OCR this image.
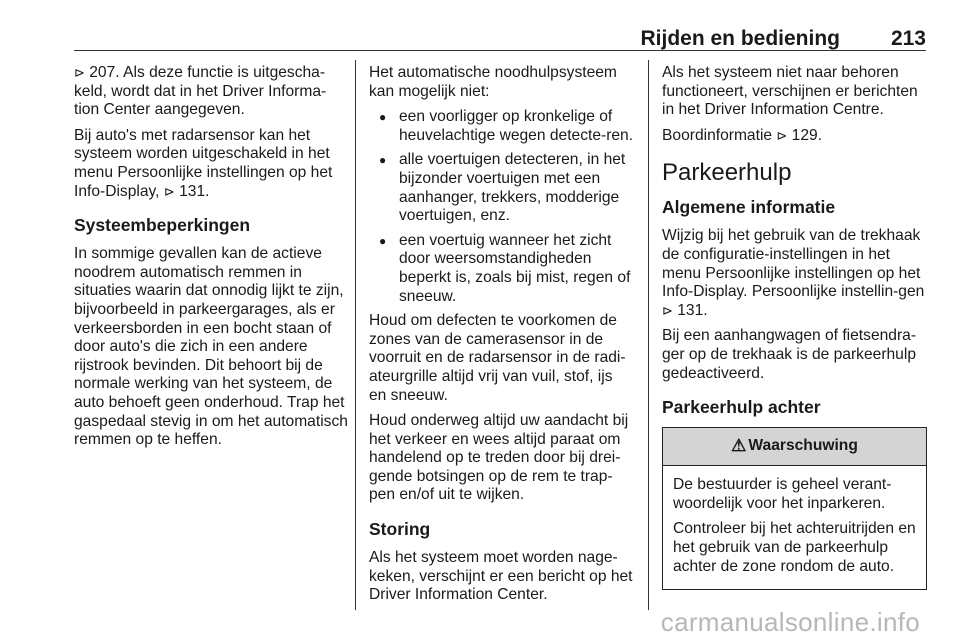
Rijden en bediening 213

⊳ 207. Als deze functie is uitgescha-keld, wordt dat in het Driver Informa-tion Center aangegeven.

Bij auto's met radarsensor kan het systeem worden uitgeschakeld in het menu Persoonlijke instellingen op het Info-Display, ⊳ 131.

Systeembeperkingen

In sommige gevallen kan de actieve noodrem automatisch remmen in situaties waarin dat onnodig lijkt te zijn, bijvoorbeeld in parkeergarages, als er verkeersborden in een bocht staan of door auto's die zich in een andere rijstrook bevinden. Dit behoort bij de normale werking van het systeem, de auto behoeft geen onderhoud. Trap het gaspedaal stevig in om het automatisch remmen op te heffen.

Het automatische noodhulpsysteem kan mogelijk niet:

● een voorligger op kronkelige of heuvelachtige wegen detecte-ren.
● alle voertuigen detecteren, in het bijzonder voertuigen met een aanhanger, trekkers, modderige voertuigen, enz.
● een voertuig wanneer het zicht door weersomstandigheden beperkt is, zoals bij mist, regen of sneeuw.

Houd om defecten te voorkomen de zones van de camerasensor in de voorruit en de radarsensor in de radi-ateurgrille altijd vrij van vuil, stof, ijs en sneeuw.

Houd onderweg altijd uw aandacht bij het verkeer en wees altijd paraat om handelend op te treden door bij drei-gende botsingen op de rem te trap-pen en/of uit te wijken.

Storing

Als het systeem moet worden nage-keken, verschijnt er een bericht op het Driver Information Center.

Als het systeem niet naar behoren functioneert, verschijnen er berichten in het Driver Information Centre.

Boordinformatie ⊳ 129.

Parkeerhulp
Algemene informatie

Wijzig bij het gebruik van de trekhaak de configuratie-instellingen in het menu Persoonlijke instellingen op het Info-Display. Persoonlijke instellin-gen ⊳ 131.

Bij een aanhangwagen of fietsendra-ger op de trekhaak is de parkeerhulp gedeactiveerd.

Parkeerhulp achter
⚠ Waarschuwing

De bestuurder is geheel verant-woordelijk voor het inparkeren.

Controleer bij het achteruitrijden en het gebruik van de parkeerhulp achter de zone rondom de auto.

carmanualsonline.info
